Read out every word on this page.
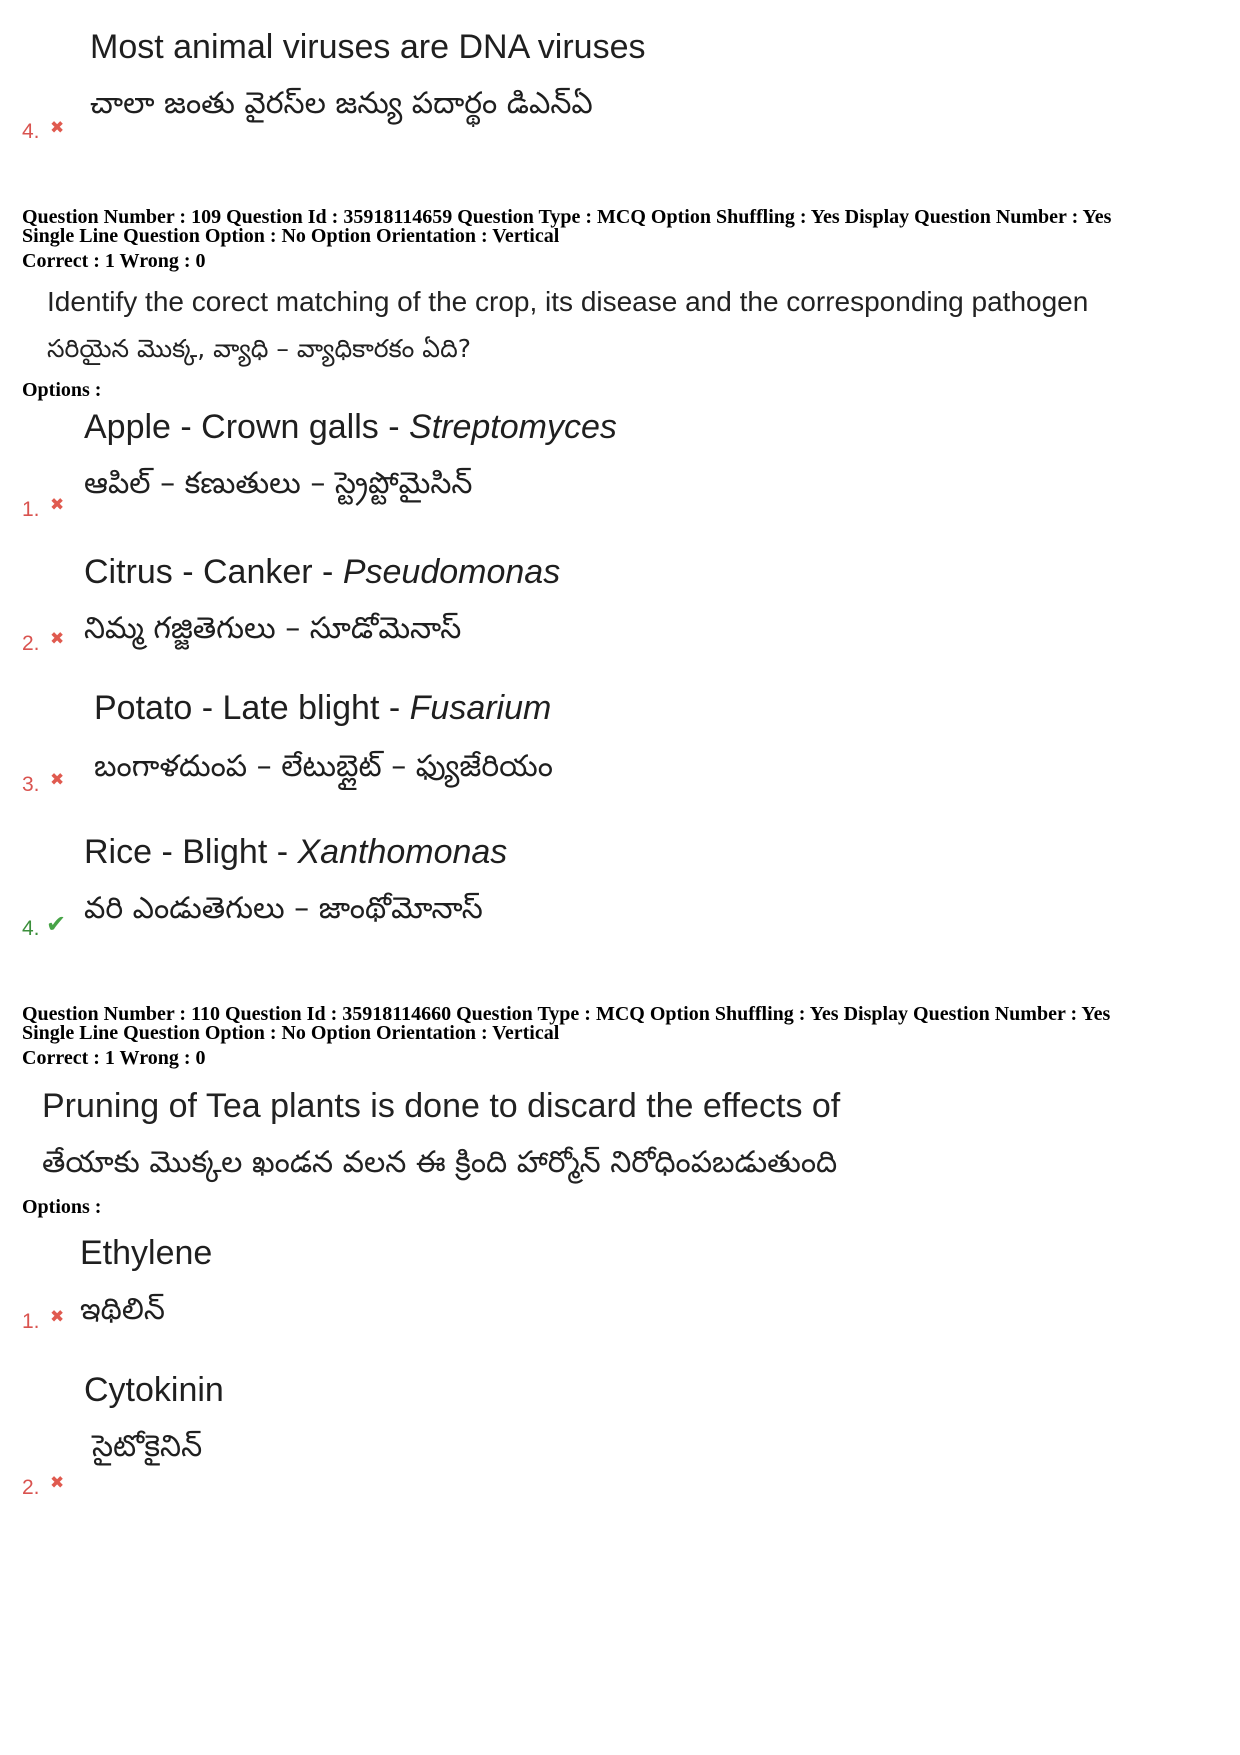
Most animal viruses are DNA viruses
చాలా జంతు వైరస్‌ల జన్యు పదార్థం డిఎన్ఏ
4. ✖
Question Number : 109 Question Id : 35918114659 Question Type : MCQ Option Shuffling : Yes Display Question Number : Yes
Single Line Question Option : No Option Orientation : Vertical
Correct : 1 Wrong : 0
Identify the corect matching of the crop, its disease and the corresponding pathogen
సరియైన మొక్క, వ్యాధి – వ్యాధికారకం ఏది?
Options :
Apple - Crown galls - Streptomyces
ఆపిల్ – కణుతులు – స్ట్రెప్టోమైసిన్
1. ✖
Citrus - Canker - Pseudomonas
నిమ్మ గజ్జితెగులు – సూడోమెనాస్
2. ✖
Potato - Late blight - Fusarium
బంగాళదుంప – లేటుబ్లైట్ – ఫ్యుజేరియం
3. ✖
Rice - Blight - Xanthomonas
వరి ఎండుతెగులు – జాంథోమోనాస్
4. ✔
Question Number : 110 Question Id : 35918114660 Question Type : MCQ Option Shuffling : Yes Display Question Number : Yes
Single Line Question Option : No Option Orientation : Vertical
Correct : 1 Wrong : 0
Pruning of Tea plants is done to discard the effects of
తేయాకు మొక్కల ఖండన వలన ఈ క్రింది హార్మోన్ నిరోధింపబడుతుంది
Options :
Ethylene
ఇథిలిన్
1. ✖
Cytokinin
సైటోకైనిన్
2. ✖
